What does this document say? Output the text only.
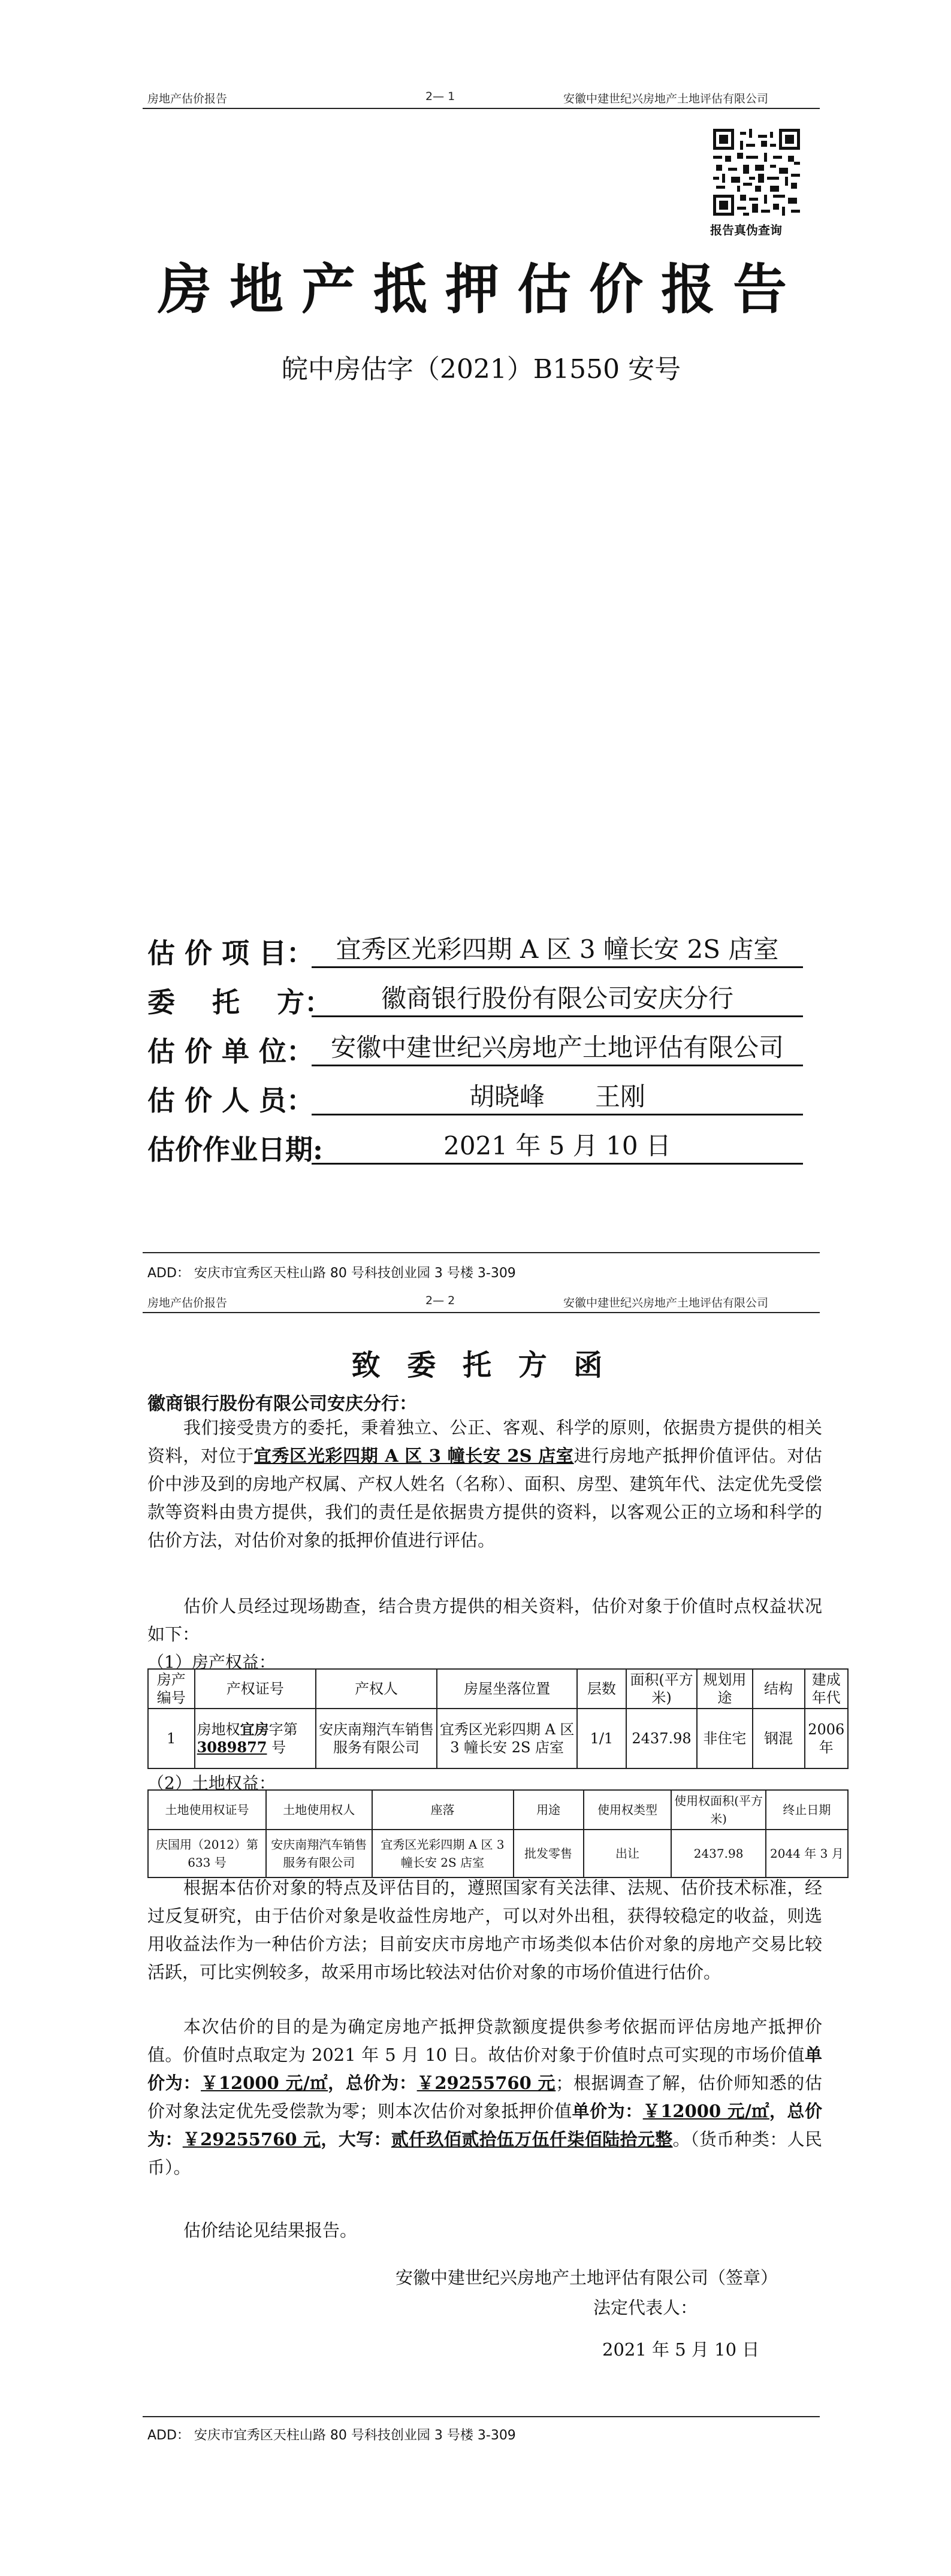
房地产估价报告	2— 1	安徽中建世纪兴房地产土地评估有限公司
报告真伪查询
房地产抵押估价报告
皖中房估字（2021）B1550 安号
估 价 项 目： 宜秀区光彩四期 A 区 3 幢长安 2S 店室
委　 托　 方：	徽商银行股份有限公司安庆分行
估 价 单 位： 安徽中建世纪兴房地产土地评估有限公司
估 价 人 员：	胡晓峰　　王刚
估价作业日期:	2021 年 5 月 10 日
ADD： 安庆市宜秀区天柱山路 80 号科技创业园 3 号楼 3-309
房地产估价报告	2— 2	安徽中建世纪兴房地产土地评估有限公司
致 委 托 方 函
徽商银行股份有限公司安庆分行：
我们接受贵方的委托，秉着独立、公正、客观、科学的原则，依据贵方提供的相关资料，对位于宜秀区光彩四期 A 区 3 幢长安 2S 店室进行房地产抵押价值评估。对估价中涉及到的房地产权属、产权人姓名（名称）、面积、房型、建筑年代、法定优先受偿款等资料由贵方提供，我们的责任是依据贵方提供的资料，以客观公正的立场和科学的估价方法，对估价对象的抵押价值进行评估。
估价人员经过现场勘查，结合贵方提供的相关资料，估价对象于价值时点权益状况如下：
（1）房产权益：
房产编号	产权证号	产权人	房屋坐落位置	层数	面积(平方米)	规划用途	结构	建成年代
1	房地权宜房字第 3089877 号	安庆南翔汽车销售服务有限公司	宜秀区光彩四期 A 区 3 幢长安 2S 店室	1/1	2437.98	非住宅	钢混	2006 年
（2）土地权益：
土地使用权证号	土地使用权人	座落	用途	使用权类型	使用权面积(平方米)	终止日期
庆国用（2012）第 633 号	安庆南翔汽车销售服务有限公司	宜秀区光彩四期 A 区 3 幢长安 2S 店室	批发零售	出让	2437.98	2044 年 3 月
根据本估价对象的特点及评估目的，遵照国家有关法律、法规、估价技术标准，经过反复研究，由于估价对象是收益性房地产，可以对外出租，获得较稳定的收益，则选用收益法作为一种估价方法；目前安庆市房地产市场类似本估价对象的房地产交易比较活跃，可比实例较多，故采用市场比较法对估价对象的市场价值进行估价。
本次估价的目的是为确定房地产抵押贷款额度提供参考依据而评估房地产抵押价值。价值时点取定为 2021 年 5 月 10 日。故估价对象于价值时点可实现的市场价值单价为：￥12000 元/㎡，总价为：￥29255760 元；根据调查了解，估价师知悉的估价对象法定优先受偿款为零；则本次估价对象抵押价值单价为：￥12000 元/㎡，总价为：￥29255760 元，大写：贰仟玖佰贰拾伍万伍仟柒佰陆拾元整。（货币种类：人民币）。
估价结论见结果报告。
安徽中建世纪兴房地产土地评估有限公司（签章）
法定代表人：
2021 年 5 月 10 日
ADD： 安庆市宜秀区天柱山路 80 号科技创业园 3 号楼 3-309
